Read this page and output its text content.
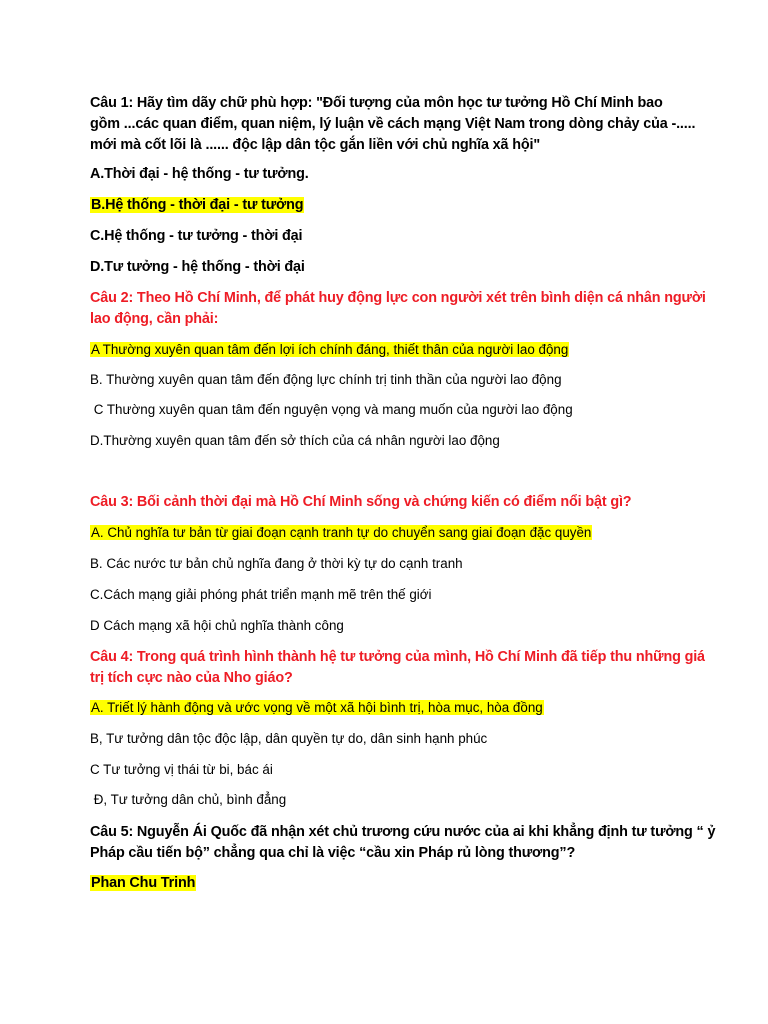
Câu 1: Hãy tìm dãy chữ phù hợp: "Đối tượng của môn học tư tưởng Hồ Chí Minh bao
gồm ...các quan điểm, quan niệm, lý luận về cách mạng Việt Nam trong dòng chảy của -.....
mới mà cốt lõi là ...... độc lập dân tộc gắn liền với chủ nghĩa xã hội"
A.Thời đại - hệ thống - tư tưởng.
B.Hệ thống - thời đại - tư tưởng
C.Hệ thống - tư tưởng - thời đại
D.Tư tưởng - hệ thống - thời đại
Câu 2: Theo Hồ Chí Minh, để phát huy động lực con người xét trên bình diện cá nhân người
lao động, cần phải:
A Thường xuyên quan tâm đến lợi ích chính đáng, thiết thân của người lao động
B. Thường xuyên quan tâm đến động lực chính trị tinh thần của người lao động
C Thường xuyên quan tâm đến nguyện vọng và mang muốn của người lao động
D.Thường xuyên quan tâm đến sở thích của cá nhân người lao động
Câu 3: Bối cảnh thời đại mà Hồ Chí Minh sống và chứng kiến có điểm nổi bật gì?
A. Chủ nghĩa tư bản từ giai đoạn cạnh tranh tự do chuyển sang giai đoạn đặc quyền
B. Các nước tư bản chủ nghĩa đang ở thời kỳ tự do cạnh tranh
C.Cách mạng giải phóng phát triển mạnh mẽ trên thế giới
D Cách mạng xã hội chủ nghĩa thành công
Câu 4: Trong quá trình hình thành hệ tư tưởng của mình, Hồ Chí Minh đã tiếp thu những giá
trị tích cực nào của Nho giáo?
A. Triết lý hành động và ước vọng về một xã hội bình trị, hòa mục, hòa đồng
B, Tư tưởng dân tộc độc lập, dân quyền tự do, dân sinh hạnh phúc
C Tư tưởng vị thái từ bi, bác ái
Đ, Tư tưởng dân chủ, bình đẳng
Câu 5: Nguyễn Ái Quốc đã nhận xét chủ trương cứu nước của ai khi khẳng định tư tưởng “ ỷ
Pháp cầu tiến bộ” chẳng qua chỉ là việc “cầu xin Pháp rủ lòng thương”?
Phan Chu Trinh
